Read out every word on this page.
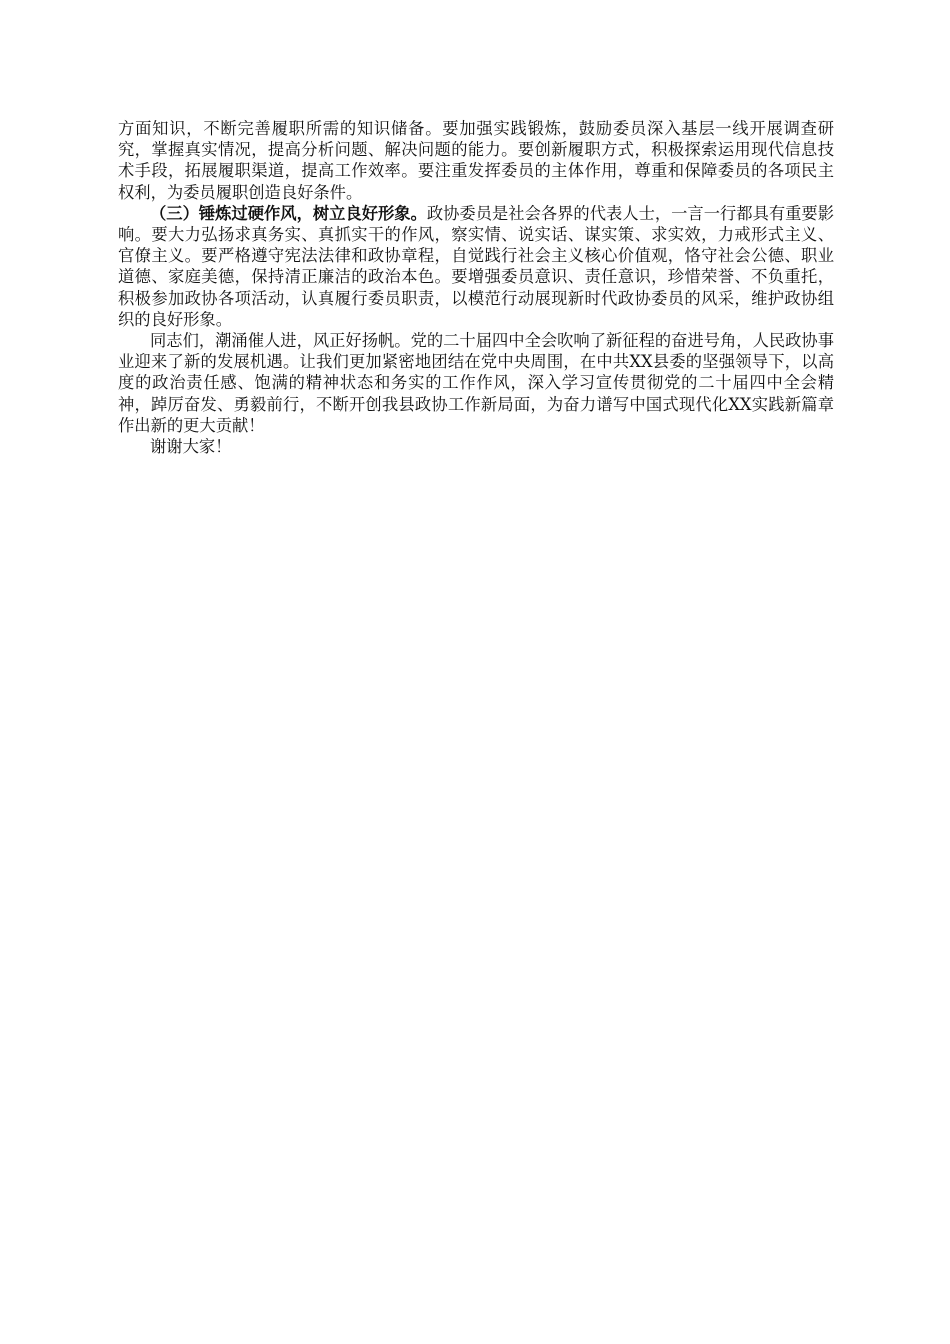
方面知识，不断完善履职所需的知识储备。要加强实践锻炼，鼓励委员深入基层一线开展调查研究，掌握真实情况，提高分析问题、解决问题的能力。要创新履职方式，积极探索运用现代信息技术手段，拓展履职渠道，提高工作效率。要注重发挥委员的主体作用，尊重和保障委员的各项民主权利，为委员履职创造良好条件。

（三）锤炼过硬作风，树立良好形象。政协委员是社会各界的代表人士，一言一行都具有重要影响。要大力弘扬求真务实、真抓实干的作风，察实情、说实话、谋实策、求实效，力戒形式主义、官僚主义。要严格遵守宪法法律和政协章程，自觉践行社会主义核心价值观，恪守社会公德、职业道德、家庭美德，保持清正廉洁的政治本色。要增强委员意识、责任意识，珍惜荣誉、不负重托，积极参加政协各项活动，认真履行委员职责，以模范行动展现新时代政协委员的风采，维护政协组织的良好形象。

同志们，潮涌催人进，风正好扬帆。党的二十届四中全会吹响了新征程的奋进号角，人民政协事业迎来了新的发展机遇。让我们更加紧密地团结在党中央周围，在中共XX县委的坚强领导下，以高度的政治责任感、饱满的精神状态和务实的工作作风，深入学习宣传贯彻党的二十届四中全会精神，踔厉奋发、勇毅前行，不断开创我县政协工作新局面，为奋力谱写中国式现代化XX实践新篇章作出新的更大贡献！

谢谢大家！
